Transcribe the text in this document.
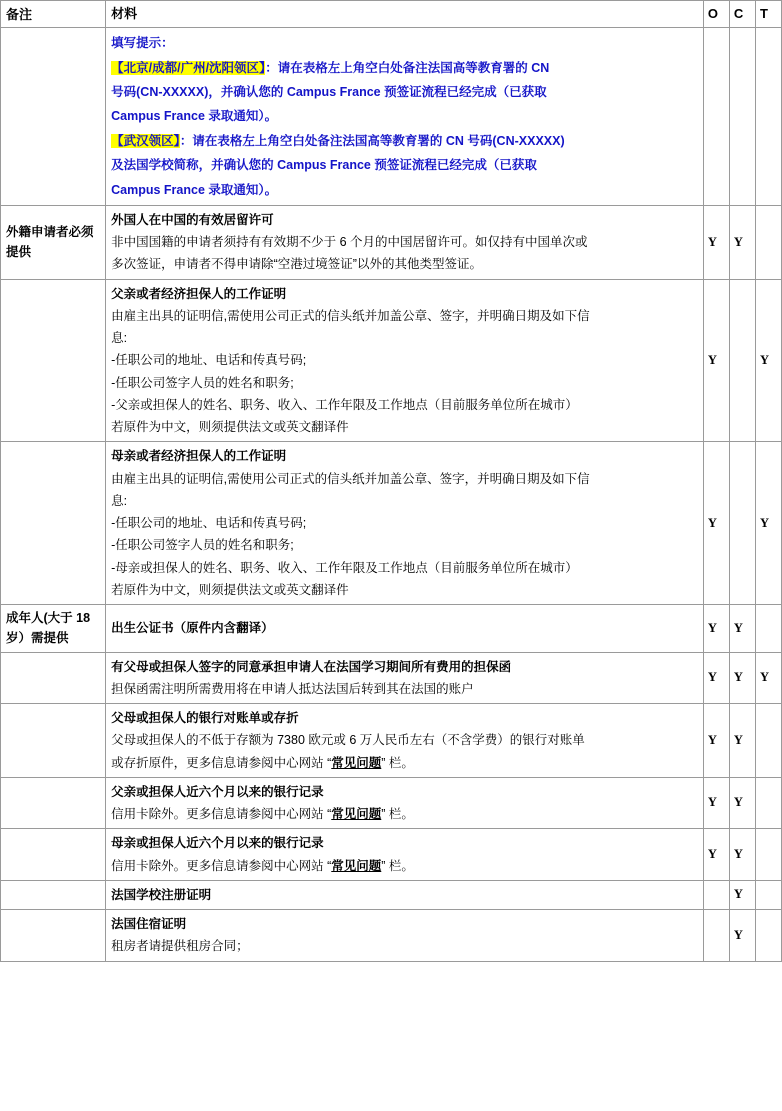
备注	材料	O	C	T

填写提示：
【北京/成都/广州/沈阳领区】：请在表格左上角空白处备注法国高等教育署的 CN
号码(CN-XXXXX)，并确认您的 Campus France 预签证流程已经完成（已获取
Campus France 录取通知）。
【武汉领区】：请在表格左上角空白处备注法国高等教育署的 CN 号码(CN-XXXXX)
及法国学校简称，并确认您的 Campus France 预签证流程已经完成（已获取
Campus France 录取通知）。

外籍申请者必须提供	外国人在中国的有效居留许可
非中国国籍的申请者须持有有效期不少于 6 个月的中国居留许可。如仅持有中国单次或
多次签证，申请者不得申请除“空港过境签证”以外的其他类型签证。	Y	Y	

父亲或者经济担保人的工作证明
由雇主出具的证明信,需使用公司正式的信头纸并加盖公章、签字，并明确日期及如下信
息:
-任职公司的地址、电话和传真号码;
-任职公司签字人员的姓名和职务;
-父亲或担保人的姓名、职务、收入、工作年限及工作地点（目前服务单位所在城市）
若原件为中文，则须提供法文或英文翻译件
	Y		Y

母亲或者经济担保人的工作证明
由雇主出具的证明信,需使用公司正式的信头纸并加盖公章、签字，并明确日期及如下信
息:
-任职公司的地址、电话和传真号码;
-任职公司签字人员的姓名和职务;
-母亲或担保人的姓名、职务、收入、工作年限及工作地点（目前服务单位所在城市）
若原件为中文，则须提供法文或英文翻译件
	Y		Y
成年人(大于 18 岁）需提供	出生公证书（原件内含翻译）	Y	Y	

	有父母或担保人签字的同意承担申请人在法国学习期间所有费用的担保函
担保函需注明所需费用将在申请人抵达法国后转到其在法国的账户	Y	Y	Y

	父母或担保人的银行对账单或存折
父母或担保人的不低于存额为 7380 欧元或 6 万人民币左右（不含学费）的银行对账单
或存折原件，更多信息请参阅中心网站 “常见问题” 栏。	Y	Y	

	父亲或担保人近六个月以来的银行记录
信用卡除外。更多信息请参阅中心网站 “常见问题” 栏。	Y	Y	

	母亲或担保人近六个月以来的银行记录
信用卡除外。更多信息请参阅中心网站 “常见问题” 栏。	Y	Y	

	法国学校注册证明		Y	

	法国住宿证明
租房者请提供租房合同；		Y	
